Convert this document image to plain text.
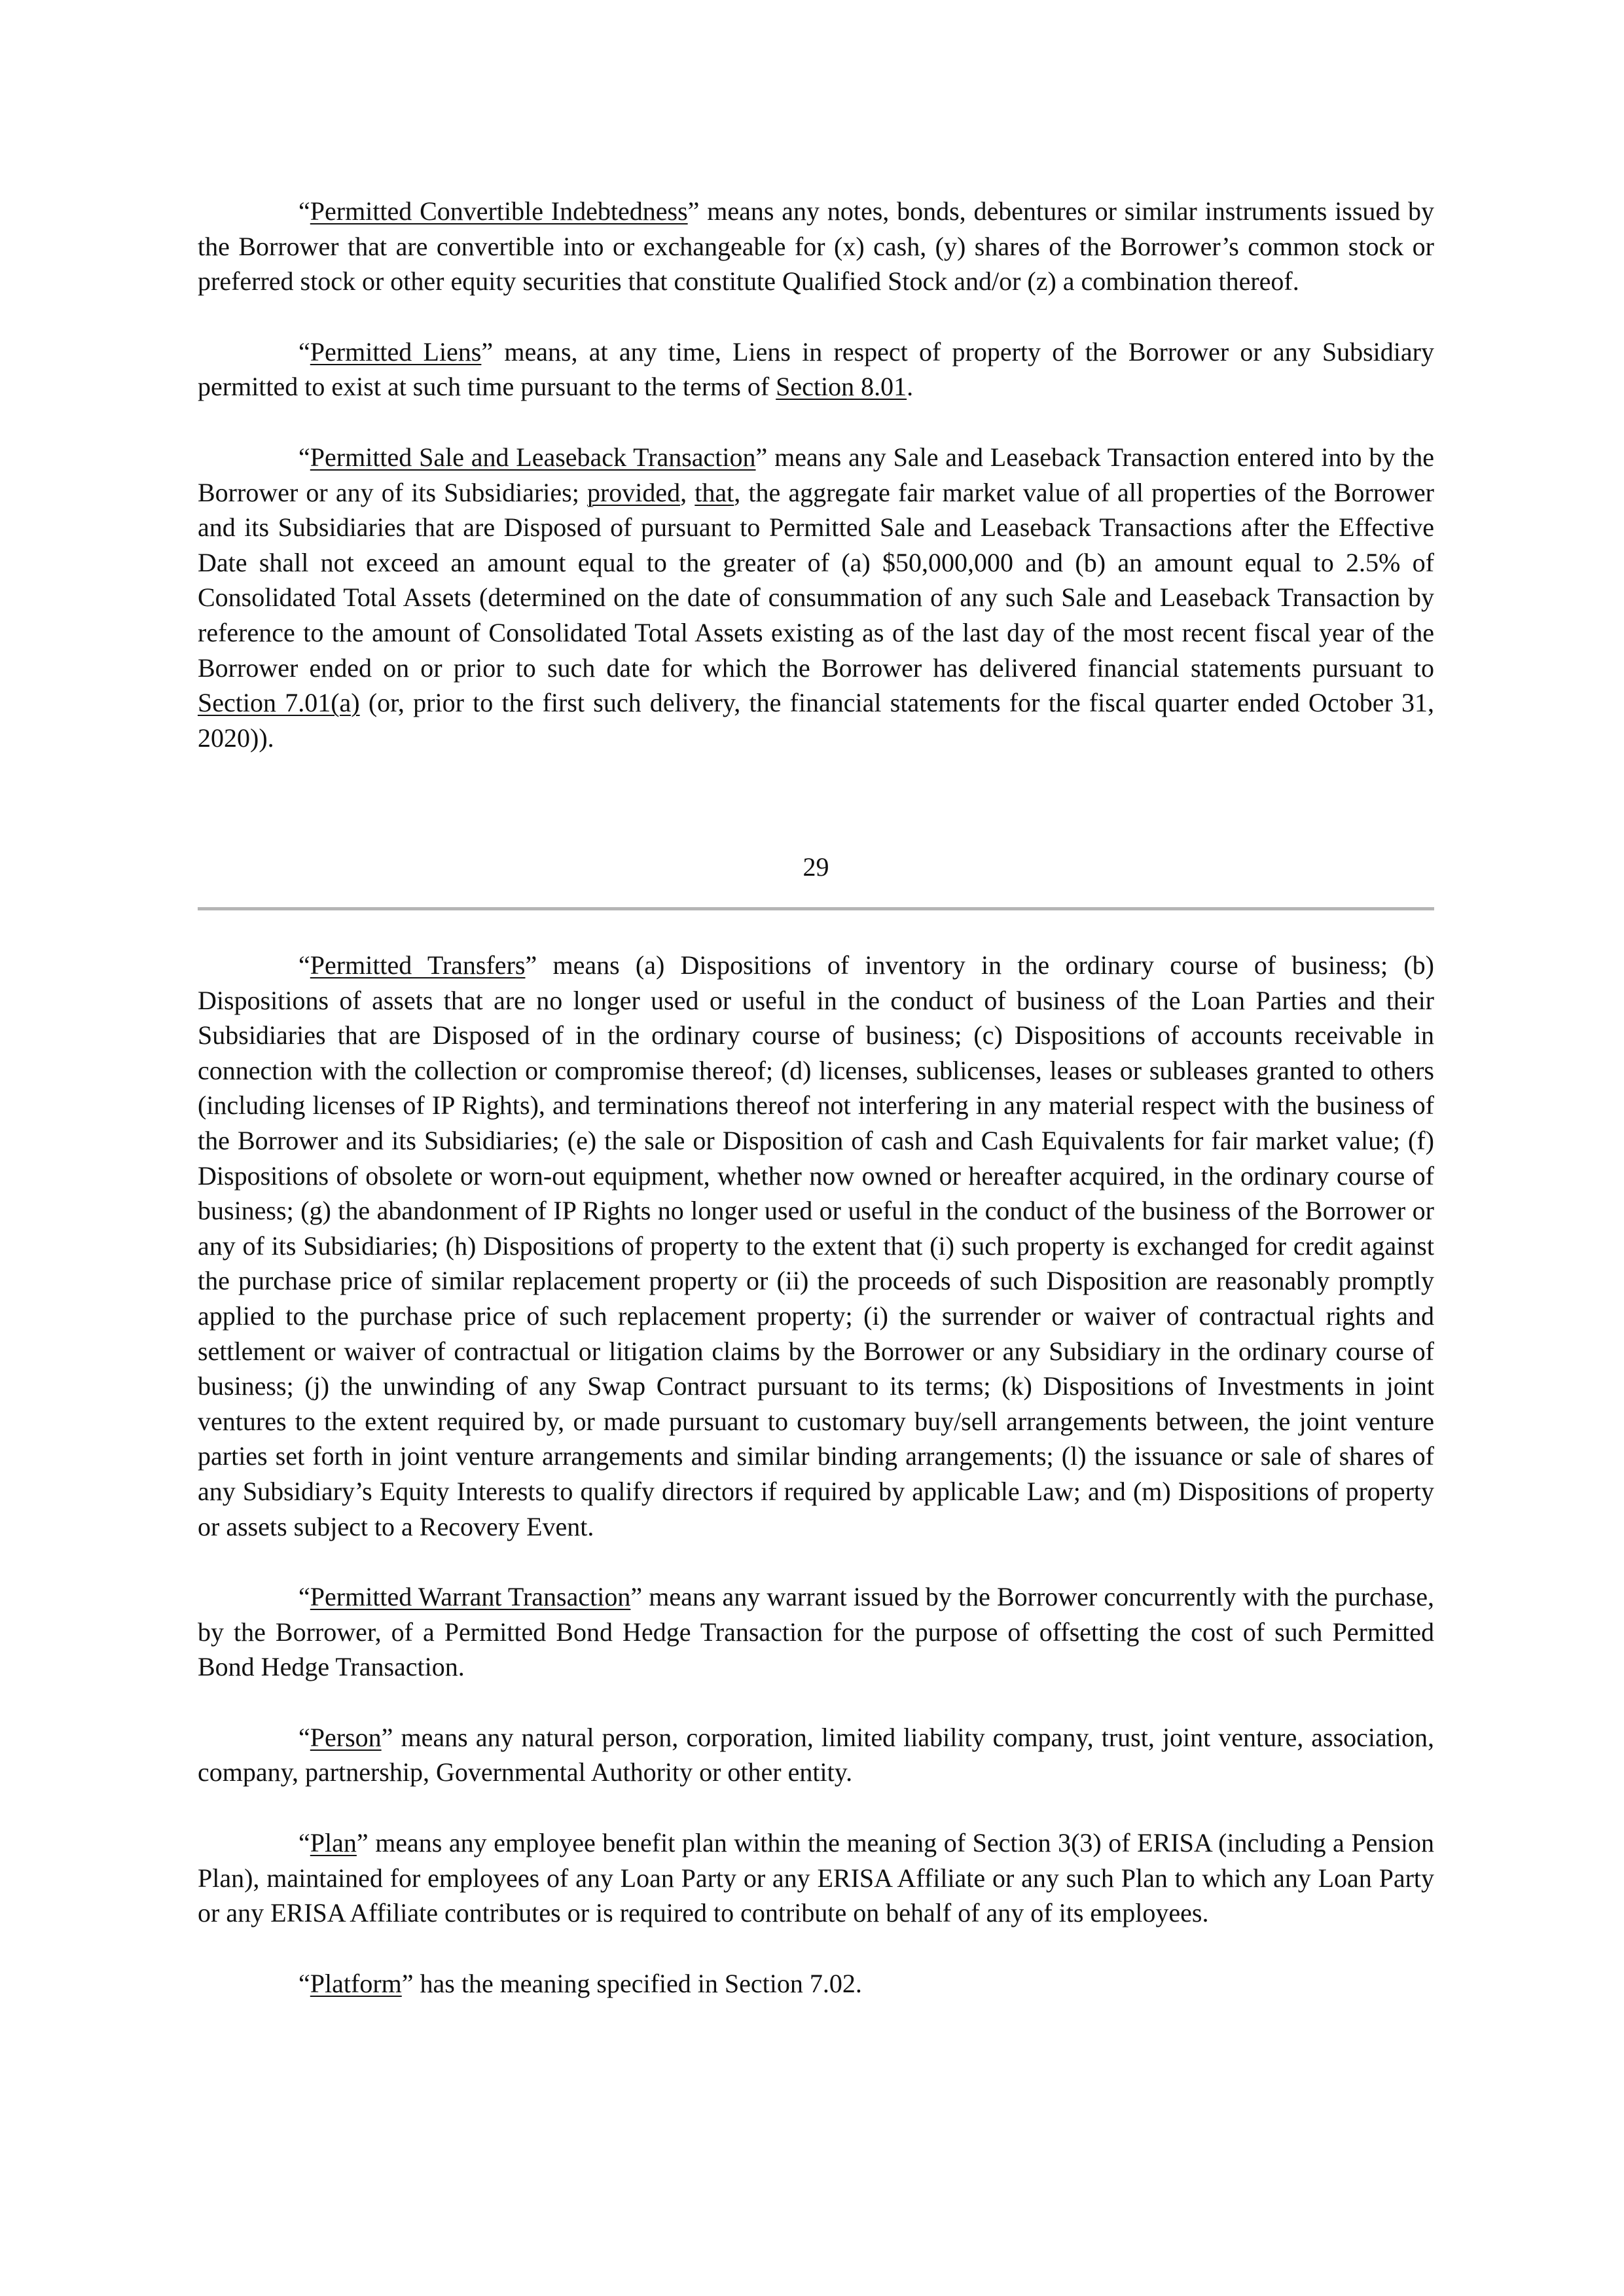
“Permitted Convertible Indebtedness” means any notes, bonds, debentures or similar instruments issued by the Borrower that are convertible into or exchangeable for (x) cash, (y) shares of the Borrower’s common stock or preferred stock or other equity securities that constitute Qualified Stock and/or (z) a combination thereof.

“Permitted Liens” means, at any time, Liens in respect of property of the Borrower or any Subsidiary permitted to exist at such time pursuant to the terms of Section 8.01.

“Permitted Sale and Leaseback Transaction” means any Sale and Leaseback Transaction entered into by the Borrower or any of its Subsidiaries; provided, that, the aggregate fair market value of all properties of the Borrower and its Subsidiaries that are Disposed of pursuant to Permitted Sale and Leaseback Transactions after the Effective Date shall not exceed an amount equal to the greater of (a) $50,000,000 and (b) an amount equal to 2.5% of Consolidated Total Assets (determined on the date of consummation of any such Sale and Leaseback Transaction by reference to the amount of Consolidated Total Assets existing as of the last day of the most recent fiscal year of the Borrower ended on or prior to such date for which the Borrower has delivered financial statements pursuant to Section 7.01(a) (or, prior to the first such delivery, the financial statements for the fiscal quarter ended October 31, 2020)).

29

“Permitted Transfers” means (a) Dispositions of inventory in the ordinary course of business; (b) Dispositions of assets that are no longer used or useful in the conduct of business of the Loan Parties and their Subsidiaries that are Disposed of in the ordinary course of business; (c) Dispositions of accounts receivable in connection with the collection or compromise thereof; (d) licenses, sublicenses, leases or subleases granted to others (including licenses of IP Rights), and terminations thereof not interfering in any material respect with the business of the Borrower and its Subsidiaries; (e) the sale or Disposition of cash and Cash Equivalents for fair market value; (f) Dispositions of obsolete or worn-out equipment, whether now owned or hereafter acquired, in the ordinary course of business; (g) the abandonment of IP Rights no longer used or useful in the conduct of the business of the Borrower or any of its Subsidiaries; (h) Dispositions of property to the extent that (i) such property is exchanged for credit against the purchase price of similar replacement property or (ii) the proceeds of such Disposition are reasonably promptly applied to the purchase price of such replacement property; (i) the surrender or waiver of contractual rights and settlement or waiver of contractual or litigation claims by the Borrower or any Subsidiary in the ordinary course of business; (j) the unwinding of any Swap Contract pursuant to its terms; (k) Dispositions of Investments in joint ventures to the extent required by, or made pursuant to customary buy/sell arrangements between, the joint venture parties set forth in joint venture arrangements and similar binding arrangements; (l) the issuance or sale of shares of any Subsidiary’s Equity Interests to qualify directors if required by applicable Law; and (m) Dispositions of property or assets subject to a Recovery Event.

“Permitted Warrant Transaction” means any warrant issued by the Borrower concurrently with the purchase, by the Borrower, of a Permitted Bond Hedge Transaction for the purpose of offsetting the cost of such Permitted Bond Hedge Transaction.

“Person” means any natural person, corporation, limited liability company, trust, joint venture, association, company, partnership, Governmental Authority or other entity.

“Plan” means any employee benefit plan within the meaning of Section 3(3) of ERISA (including a Pension Plan), maintained for employees of any Loan Party or any ERISA Affiliate or any such Plan to which any Loan Party or any ERISA Affiliate contributes or is required to contribute on behalf of any of its employees.

“Platform” has the meaning specified in Section 7.02.
